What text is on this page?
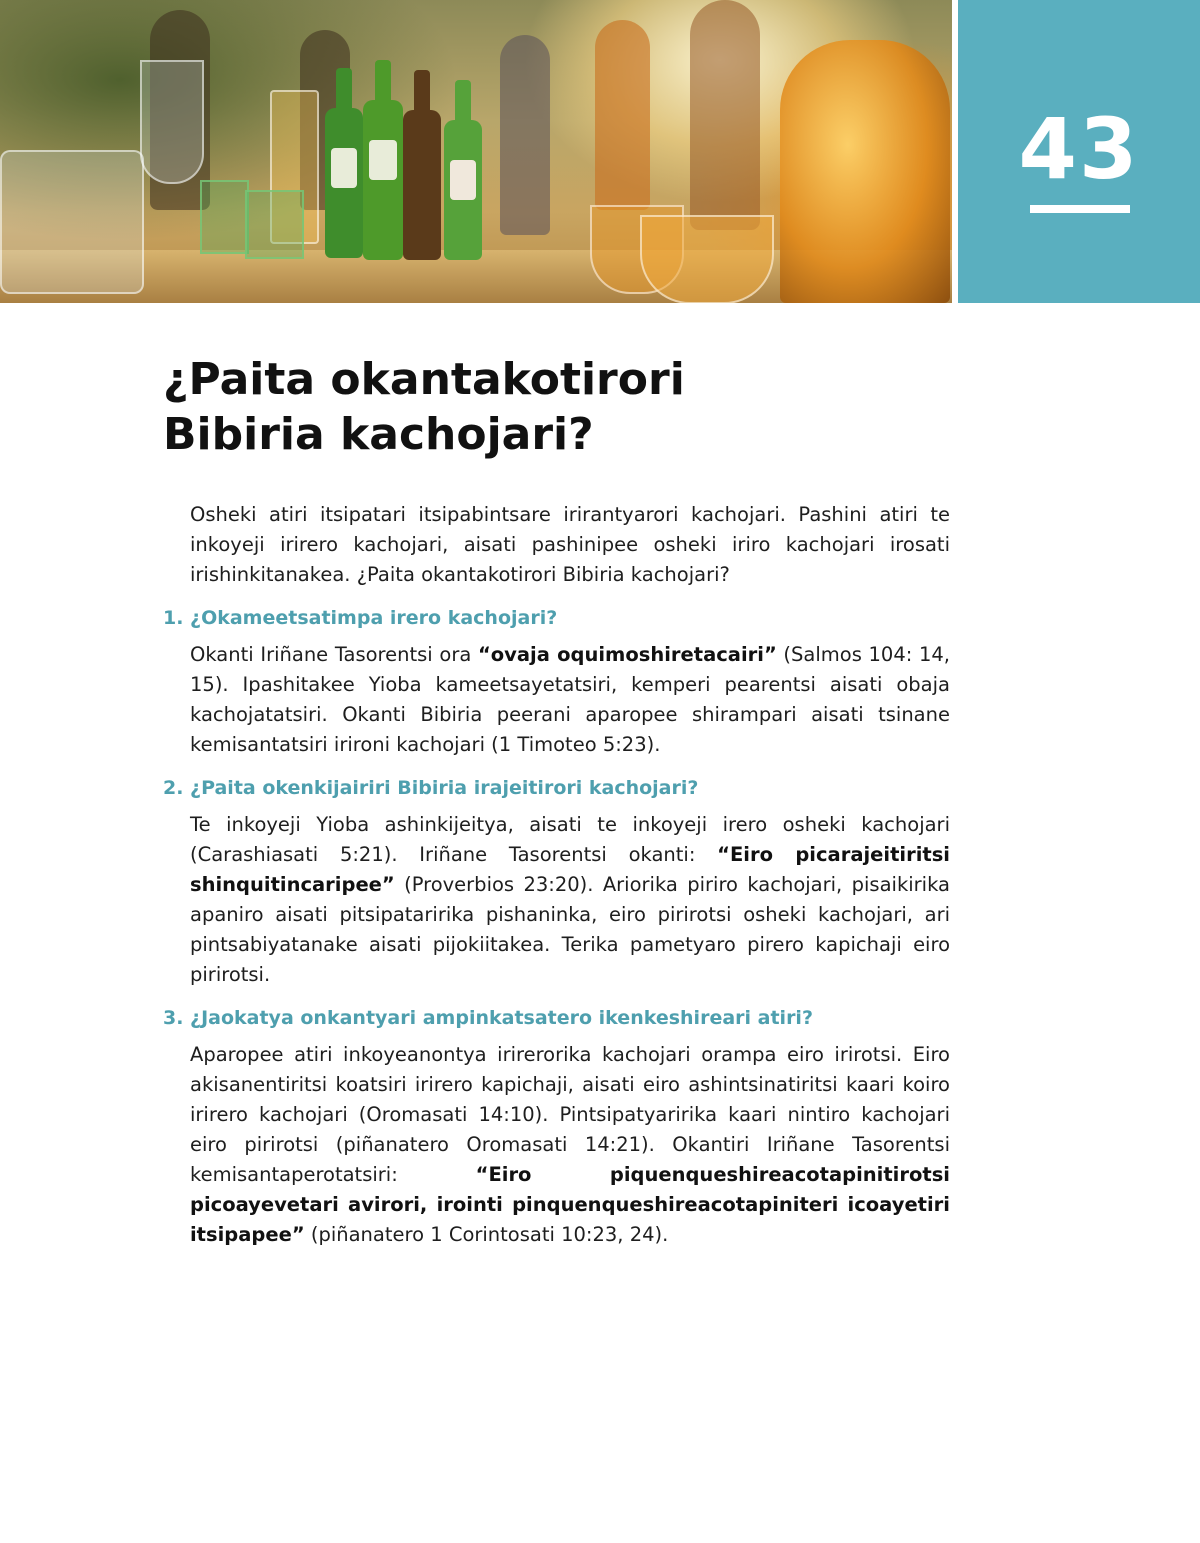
43
¿Paita okantakotirori
Bibiria kachojari?

Osheki atiri itsipatari itsipabintsare irirantyarori kachojari. Pashini atiri te inkoyeji irirero kachojari, aisati pashinipee osheki iriro kachojari irosati irishinkitanakea. ¿Paita okantakotirori Bibiria kachojari?

1. ¿Okameetsatimpa irero kachojari?

Okanti Iriñane Tasorentsi ora “ovaja oquimoshiretacairi” (Salmos 104: 14, 15). Ipashitakee Yioba kameetsayetatsiri, kemperi pearentsi aisati obaja kachojatatsiri. Okanti Bibiria peerani aparopee shirampari aisati tsinane kemisantatsiri irironi kachojari (1 Timoteo 5:23).

2. ¿Paita okenkijairiri Bibiria irajeitirori kachojari?

Te inkoyeji Yioba ashinkijeitya, aisati te inkoyeji irero osheki kachojari (Carashiasati 5:21). Iriñane Tasorentsi okanti: “Eiro picarajeitiritsi shinquitincaripee” (Proverbios 23:20). Ariorika piriro kachojari, pisaikirika apaniro aisati pitsipataririka pishaninka, eiro pirirotsi osheki kachojari, ari pintsabiyatanake aisati pijokiitakea. Terika pametyaro pirero kapichaji eiro pirirotsi.

3. ¿Jaokatya onkantyari ampinkatsatero ikenkeshireari atiri?

Aparopee atiri inkoyeanontya irirerorika kachojari orampa eiro irirotsi. Eiro akisanentiritsi koatsiri irirero kapichaji, aisati eiro ashintsinatiritsi kaari koiro irirero kachojari (Oromasati 14:10). Pintsipatyaririka kaari nintiro kachojari eiro pirirotsi (piñanatero Oromasati 14:21). Okantiri Iriñane Tasorentsi kemisantaperotatsiri: “Eiro piquenqueshireacotapinitirotsi picoayevetari avirori, irointi pinquenqueshireacotapiniteri icoayetiri itsipapee” (piñanatero 1 Corintosati 10:23, 24).
